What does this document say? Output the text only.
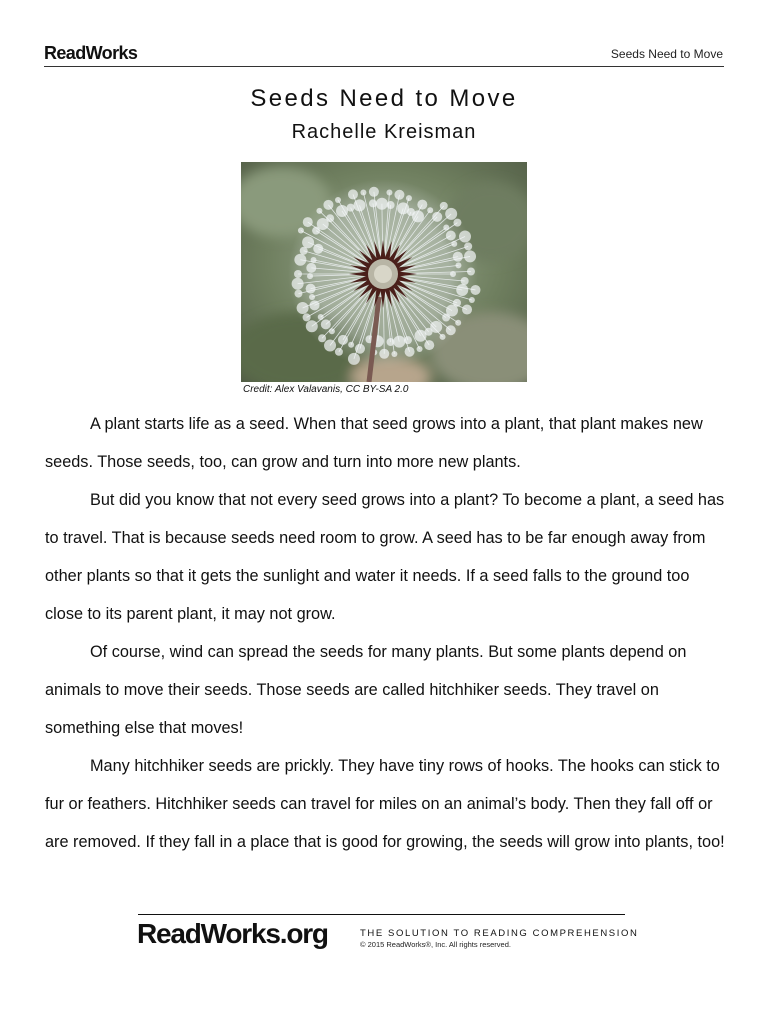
ReadWorks	Seeds Need to Move
Seeds Need to Move
Rachelle Kreisman
Credit: Alex Valavanis, CC BY-SA 2.0

A plant starts life as a seed. When that seed grows into a plant, that plant makes new seeds. Those seeds, too, can grow and turn into more new plants.

But did you know that not every seed grows into a plant? To become a plant, a seed has to travel. That is because seeds need room to grow. A seed has to be far enough away from other plants so that it gets the sunlight and water it needs. If a seed falls to the ground too close to its parent plant, it may not grow.

Of course, wind can spread the seeds for many plants. But some plants depend on animals to move their seeds. Those seeds are called hitchhiker seeds. They travel on something else that moves!

Many hitchhiker seeds are prickly. They have tiny rows of hooks. The hooks can stick to fur or feathers. Hitchhiker seeds can travel for miles on an animal’s body. Then they fall off or are removed. If they fall in a place that is good for growing, the seeds will grow into plants, too!

ReadWorks.org	THE SOLUTION TO READING COMPREHENSION
© 2015 ReadWorks®, Inc. All rights reserved.
